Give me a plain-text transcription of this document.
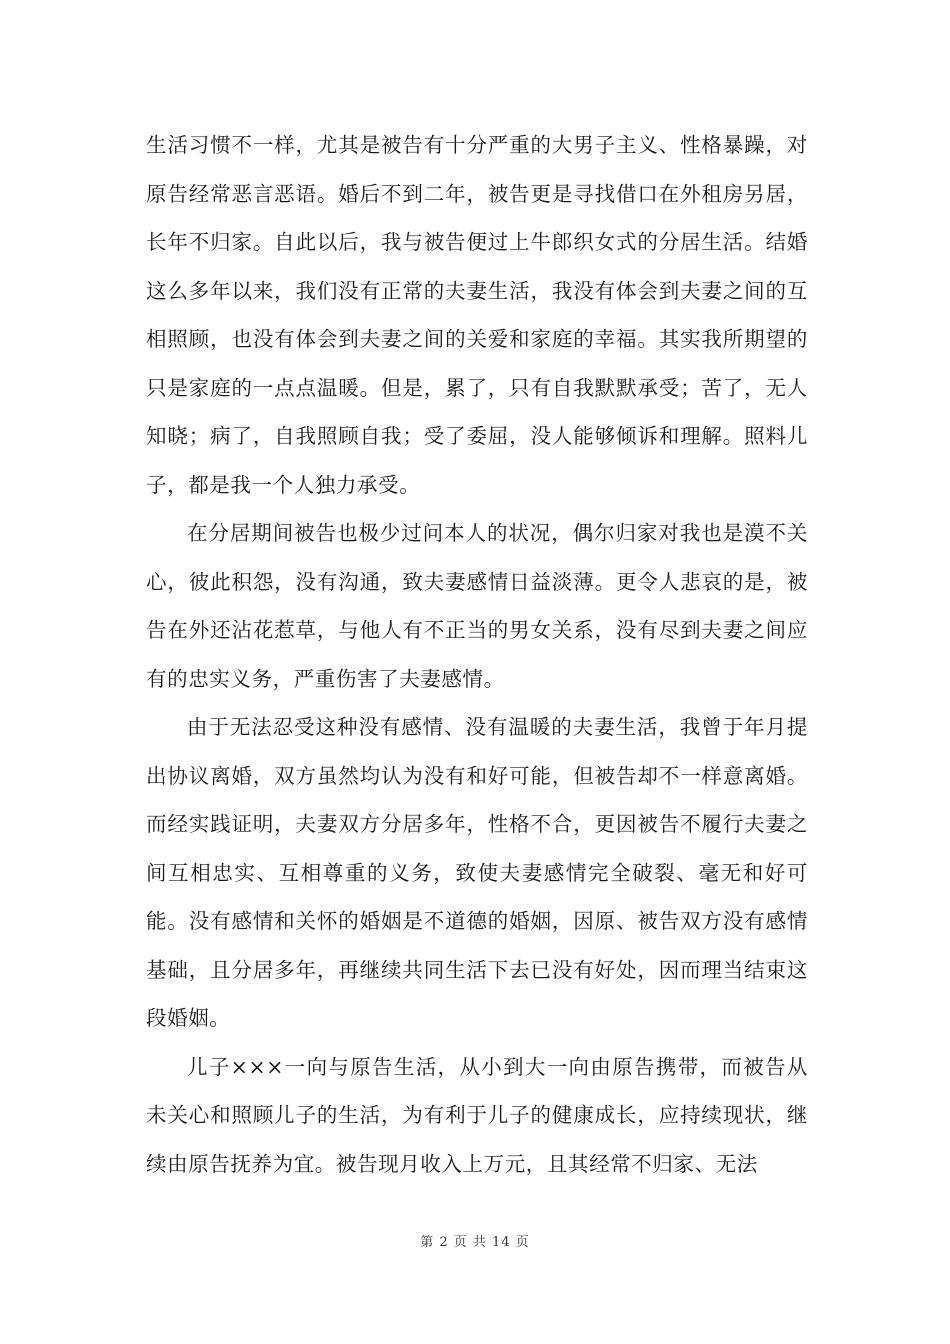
生活习惯不一样，尤其是被告有十分严重的大男子主义、性格暴躁，对原告经常恶言恶语。婚后不到二年，被告更是寻找借口在外租房另居，长年不归家。自此以后，我与被告便过上牛郎织女式的分居生活。结婚这么多年以来，我们没有正常的夫妻生活，我没有体会到夫妻之间的互相照顾，也没有体会到夫妻之间的关爱和家庭的幸福。其实我所期望的只是家庭的一点点温暖。但是，累了，只有自我默默承受；苦了，无人知晓；病了，自我照顾自我；受了委屈，没人能够倾诉和理解。照料儿子，都是我一个人独力承受。

在分居期间被告也极少过问本人的状况，偶尔归家对我也是漠不关心，彼此积怨，没有沟通，致夫妻感情日益淡薄。更令人悲哀的是，被告在外还沾花惹草，与他人有不正当的男女关系，没有尽到夫妻之间应有的忠实义务，严重伤害了夫妻感情。

由于无法忍受这种没有感情、没有温暖的夫妻生活，我曾于年月提出协议离婚，双方虽然均认为没有和好可能，但被告却不一样意离婚。而经实践证明，夫妻双方分居多年，性格不合，更因被告不履行夫妻之间互相忠实、互相尊重的义务，致使夫妻感情完全破裂、毫无和好可能。没有感情和关怀的婚姻是不道德的婚姻，因原、被告双方没有感情基础，且分居多年，再继续共同生活下去已没有好处，因而理当结束这段婚姻。

儿子×××一向与原告生活，从小到大一向由原告携带，而被告从未关心和照顾儿子的生活，为有利于儿子的健康成长，应持续现状，继续由原告抚养为宜。被告现月收入上万元，且其经常不归家、无法

第 2 页 共 14 页
